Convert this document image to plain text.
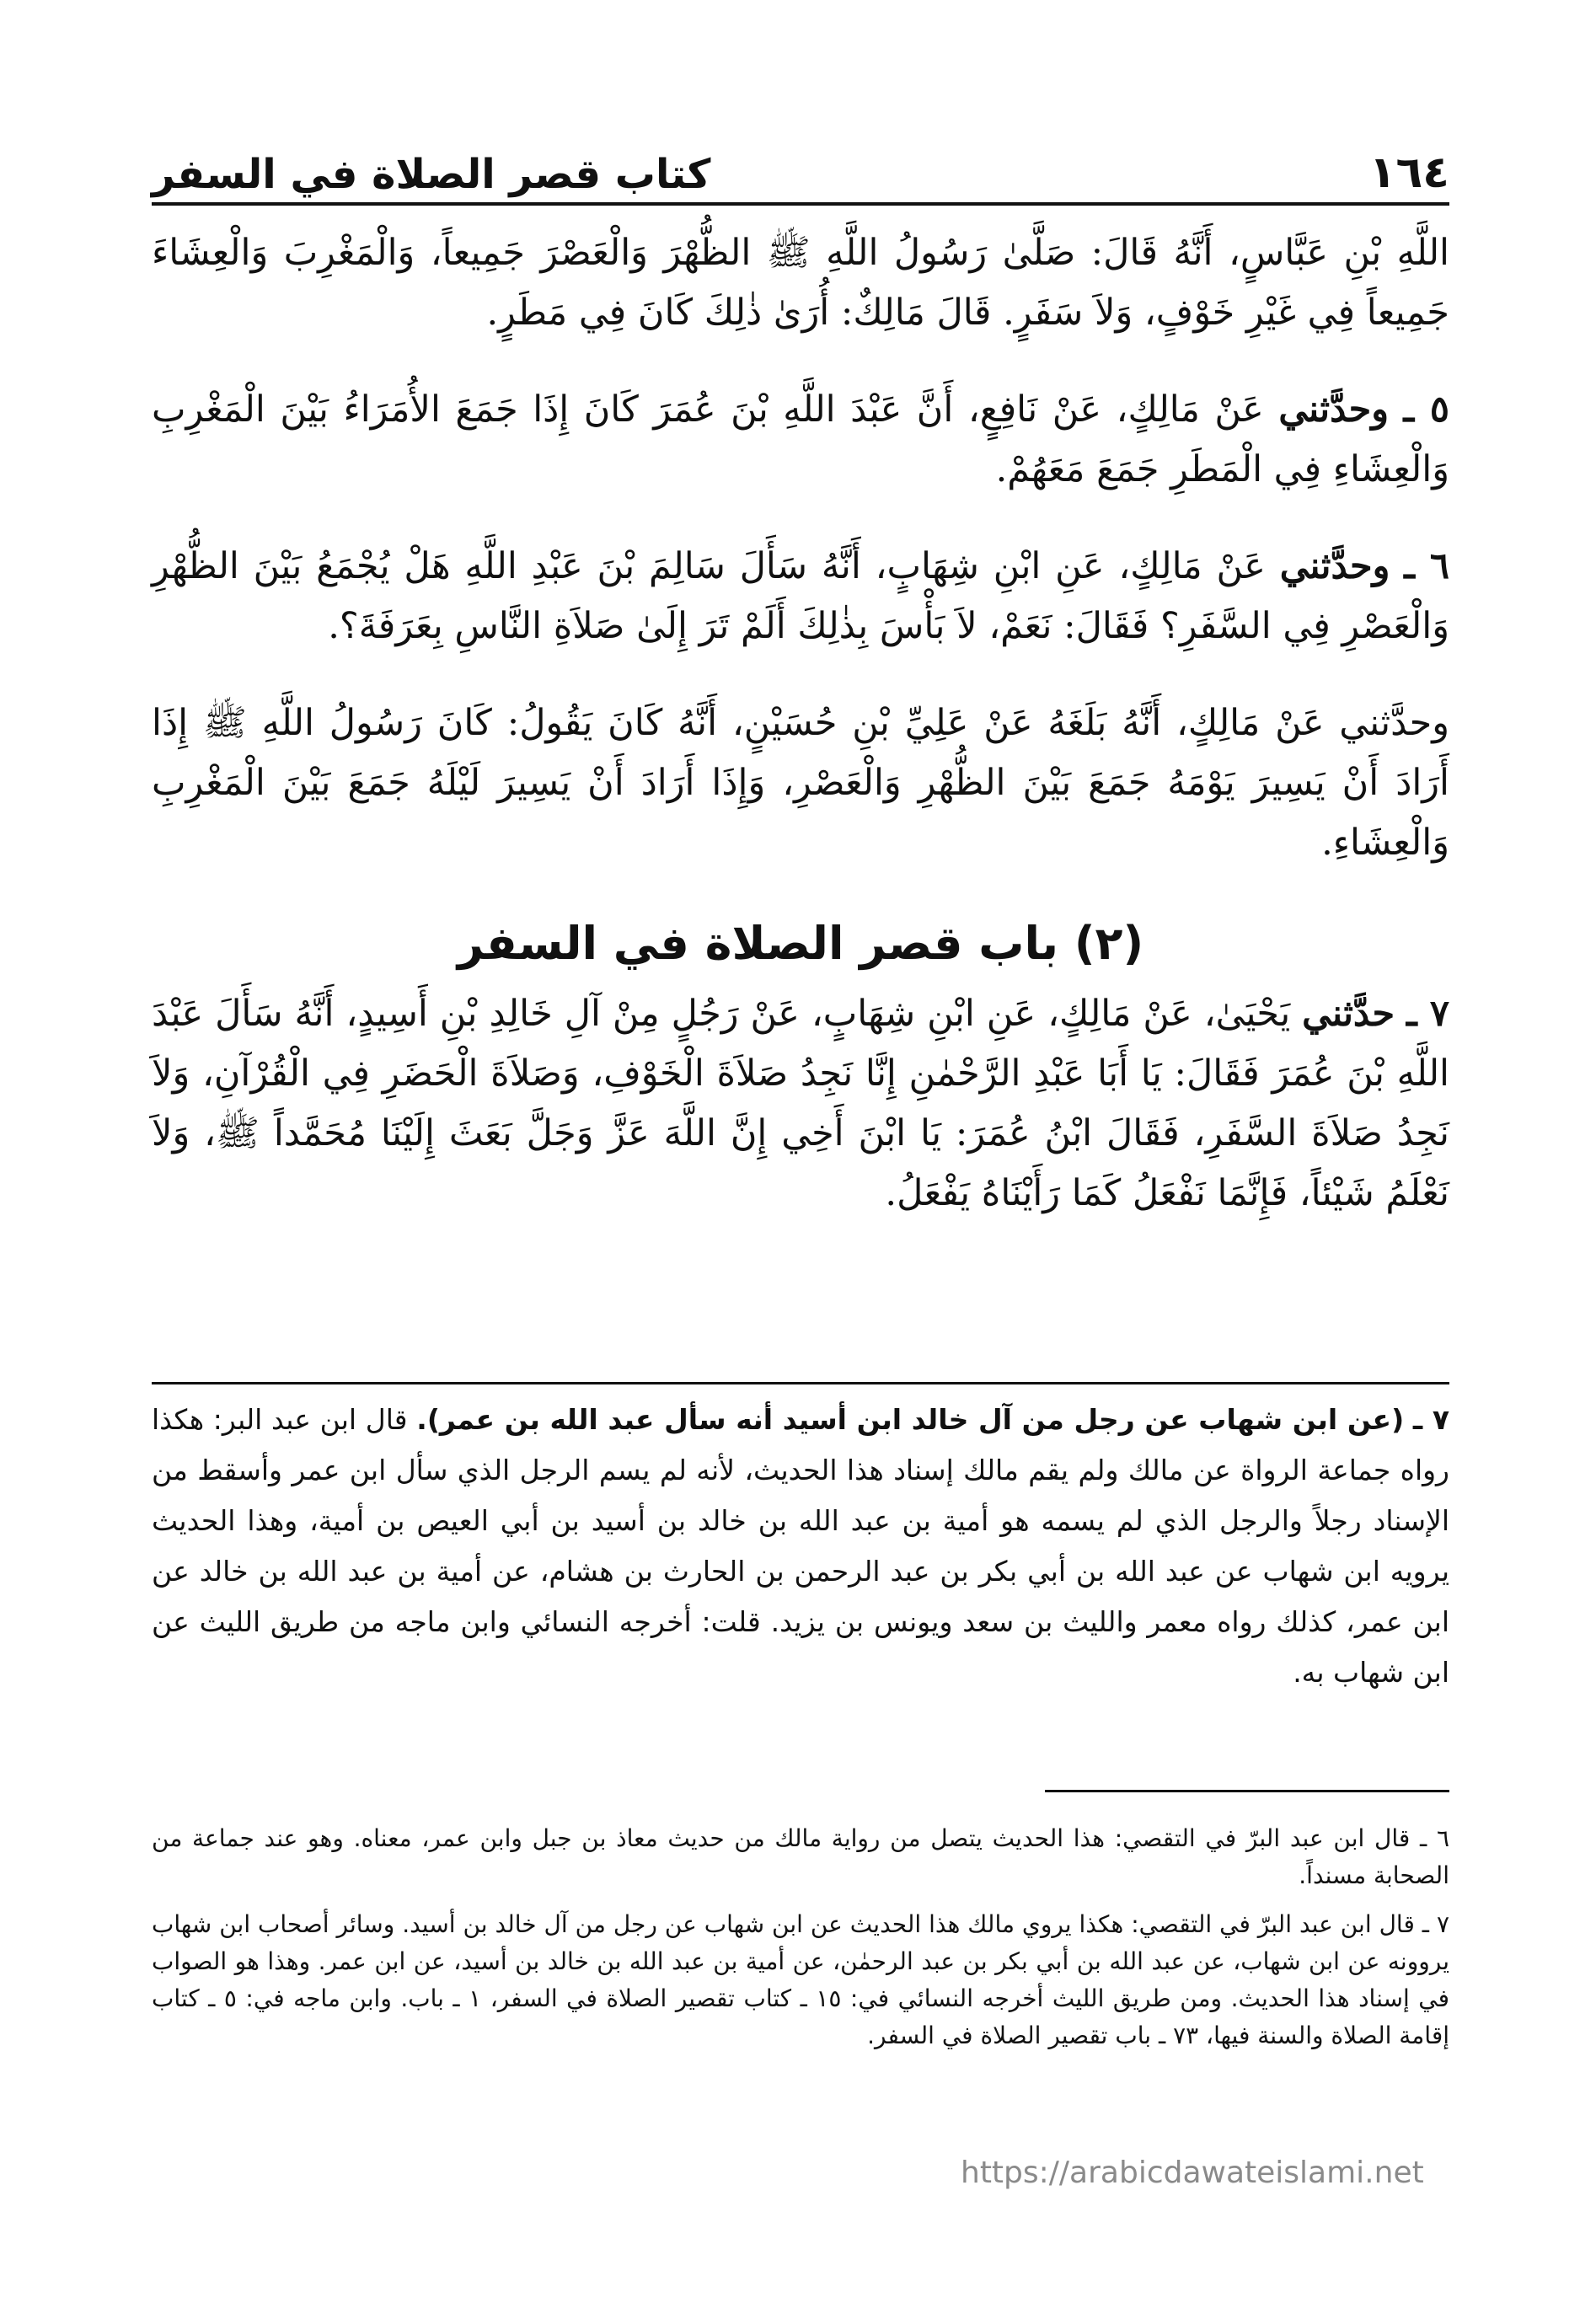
١٦٤
كتاب قصر الصلاة في السفر

اللَّهِ بْنِ عَبَّاسٍ، أَنَّهُ قَالَ: صَلَّىٰ رَسُولُ اللَّهِ ﷺ الظُّهْرَ وَالْعَصْرَ جَمِيعاً، وَالْمَغْرِبَ وَالْعِشَاءَ جَمِيعاً فِي غَيْرِ خَوْفٍ، وَلاَ سَفَرٍ. قَالَ مَالِكٌ: أُرَىٰ ذٰلِكَ كَانَ فِي مَطَرٍ.

٥ ـ وحدَّثني عَنْ مَالِكٍ، عَنْ نَافِعٍ، أَنَّ عَبْدَ اللَّهِ بْنَ عُمَرَ كَانَ إِذَا جَمَعَ الأُمَرَاءُ بَيْنَ الْمَغْرِبِ وَالْعِشَاءِ فِي الْمَطَرِ جَمَعَ مَعَهُمْ.

٦ ـ وحدَّثني عَنْ مَالِكٍ، عَنِ ابْنِ شِهَابٍ، أَنَّهُ سَأَلَ سَالِمَ بْنَ عَبْدِ اللَّهِ هَلْ يُجْمَعُ بَيْنَ الظُّهْرِ وَالْعَصْرِ فِي السَّفَرِ؟ فَقَالَ: نَعَمْ، لاَ بَأْسَ بِذٰلِكَ أَلَمْ تَرَ إِلَىٰ صَلاَةِ النَّاسِ بِعَرَفَةَ؟.

وحدَّثني عَنْ مَالِكٍ، أَنَّهُ بَلَغَهُ عَنْ عَلِيِّ بْنِ حُسَيْنٍ، أَنَّهُ كَانَ يَقُولُ: كَانَ رَسُولُ اللَّهِ ﷺ إِذَا أَرَادَ أَنْ يَسِيرَ يَوْمَهُ جَمَعَ بَيْنَ الظُّهْرِ وَالْعَصْرِ، وَإِذَا أَرَادَ أَنْ يَسِيرَ لَيْلَهُ جَمَعَ بَيْنَ الْمَغْرِبِ وَالْعِشَاءِ.

(٢) باب قصر الصلاة في السفر

٧ ـ حدَّثني يَحْيَىٰ، عَنْ مَالِكٍ، عَنِ ابْنِ شِهَابٍ، عَنْ رَجُلٍ مِنْ آلِ خَالِدِ بْنِ أَسِيدٍ، أَنَّهُ سَأَلَ عَبْدَ اللَّهِ بْنَ عُمَرَ فَقَالَ: يَا أَبَا عَبْدِ الرَّحْمٰنِ إِنَّا نَجِدُ صَلاَةَ الْخَوْفِ، وَصَلاَةَ الْحَضَرِ فِي الْقُرْآنِ، وَلاَ نَجِدُ صَلاَةَ السَّفَرِ، فَقَالَ ابْنُ عُمَرَ: يَا ابْنَ أَخِي إِنَّ اللَّهَ عَزَّ وَجَلَّ بَعَثَ إِلَيْنَا مُحَمَّداً ﷺ، وَلاَ نَعْلَمُ شَيْئاً، فَإِنَّمَا نَفْعَلُ كَمَا رَأَيْنَاهُ يَفْعَلُ.

٧ ـ (عن ابن شهاب عن رجل من آل خالد ابن أسيد أنه سأل عبد الله بن عمر). قال ابن عبد البر: هكذا رواه جماعة الرواة عن مالك ولم يقم مالك إسناد هذا الحديث، لأنه لم يسم الرجل الذي سأل ابن عمر وأسقط من الإسناد رجلاً والرجل الذي لم يسمه هو أمية بن عبد الله بن خالد بن أسيد بن أبي العيص بن أمية، وهذا الحديث يرويه ابن شهاب عن عبد الله بن أبي بكر بن عبد الرحمن بن الحارث بن هشام، عن أمية بن عبد الله بن خالد عن ابن عمر، كذلك رواه معمر والليث بن سعد ويونس بن يزيد. قلت: أخرجه النسائي وابن ماجه من طريق الليث عن ابن شهاب به.

٦ ـ قال ابن عبد البرّ في التقصي: هذا الحديث يتصل من رواية مالك من حديث معاذ بن جبل وابن عمر، معناه. وهو عند جماعة من الصحابة مسنداً.

٧ ـ قال ابن عبد البرّ في التقصي: هكذا يروي مالك هذا الحديث عن ابن شهاب عن رجل من آل خالد بن أسيد. وسائر أصحاب ابن شهاب يروونه عن ابن شهاب، عن عبد الله بن أبي بكر بن عبد الرحمٰن، عن أمية بن عبد الله بن خالد بن أسيد، عن ابن عمر. وهذا هو الصواب في إسناد هذا الحديث. ومن طريق الليث أخرجه النسائي في: ١٥ ـ كتاب تقصير الصلاة في السفر، ١ ـ باب. وابن ماجه في: ٥ ـ كتاب إقامة الصلاة والسنة فيها، ٧٣ ـ باب تقصير الصلاة في السفر.

https://arabicdawateislami.net
